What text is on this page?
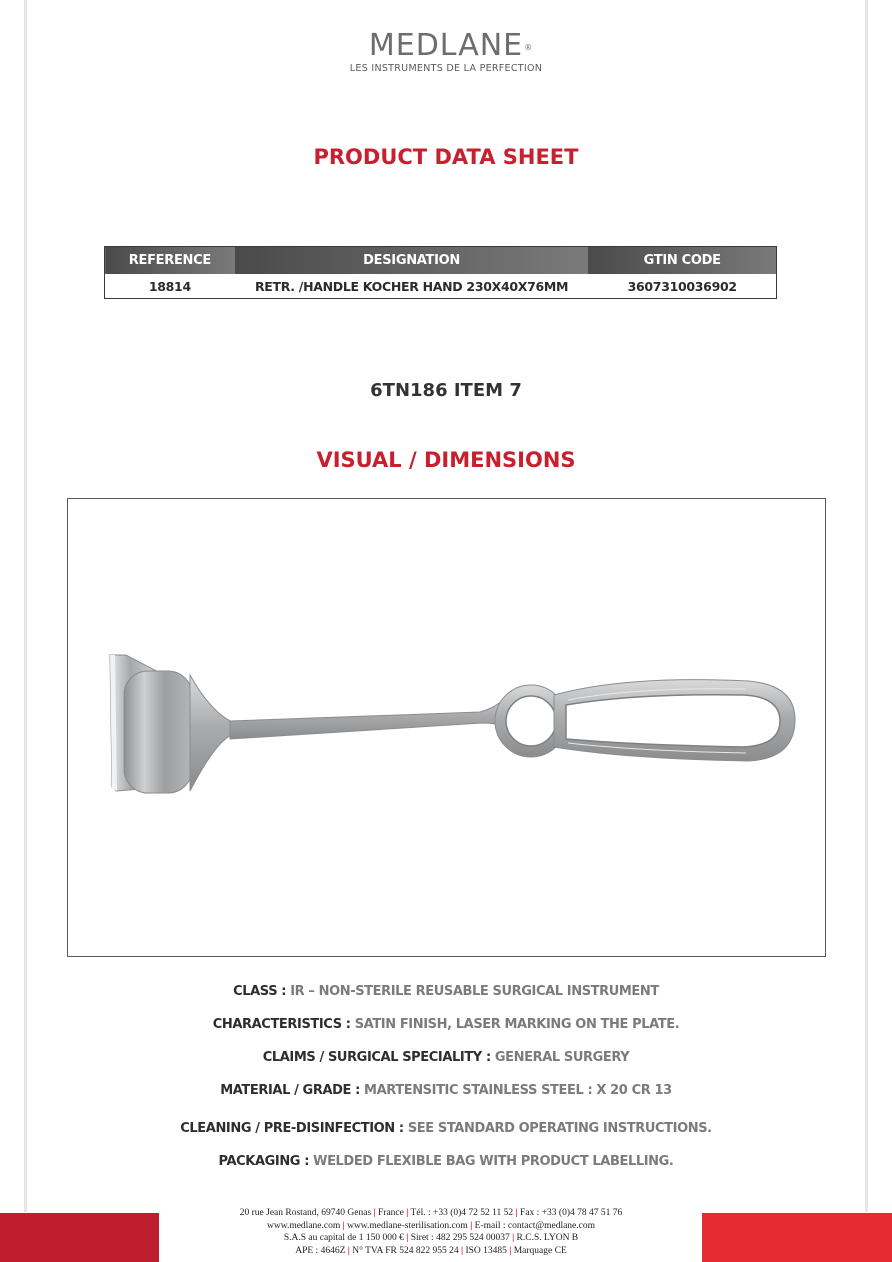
MEDLANE ®
LES INSTRUMENTS DE LA PERFECTION
PRODUCT DATA SHEET
REFERENCE	DESIGNATION	GTIN CODE
18814	RETR. /HANDLE KOCHER HAND 230X40X76MM	3607310036902
6TN186 ITEM 7
VISUAL / DIMENSIONS
CLASS : IR – NON-STERILE REUSABLE SURGICAL INSTRUMENT
CHARACTERISTICS : SATIN FINISH, LASER MARKING ON THE PLATE.
CLAIMS / SURGICAL SPECIALITY : GENERAL SURGERY
MATERIAL / GRADE : MARTENSITIC STAINLESS STEEL : X 20 CR 13
CLEANING / PRE-DISINFECTION : SEE STANDARD OPERATING INSTRUCTIONS.
PACKAGING : WELDED FLEXIBLE BAG WITH PRODUCT LABELLING.
20 rue Jean Rostand, 69740 Genas | France | Tél. : +33 (0)4 72 52 11 52 | Fax : +33 (0)4 78 47 51 76
www.medlane.com | www.medlane-sterilisation.com | E-mail : contact@medlane.com
S.A.S au capital de 1 150 000 € | Siret : 482 295 524 00037 | R.C.S. LYON B
APE : 4646Z | N° TVA FR 524 822 955 24 | ISO 13485 | Marquage CE
